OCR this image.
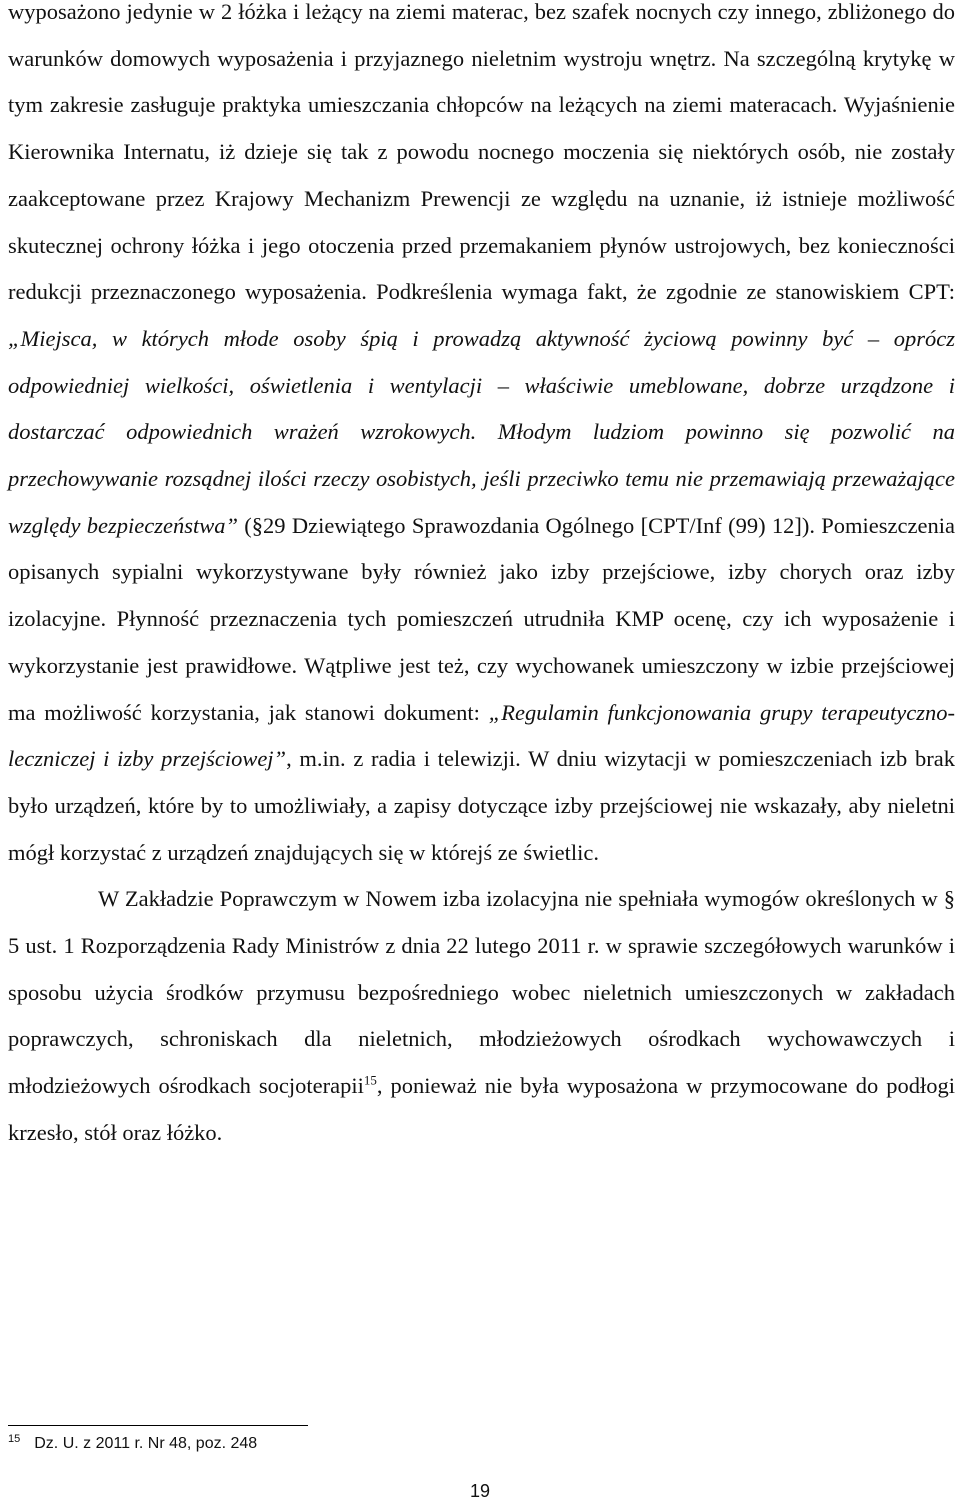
wyposażono jedynie w 2 łóżka i leżący na ziemi materac, bez szafek nocnych czy innego, zbliżonego do warunków domowych wyposażenia i przyjaznego nieletnim wystroju wnętrz. Na szczególną krytykę w tym zakresie zasługuje praktyka umieszczania chłopców na leżących na ziemi materacach. Wyjaśnienie Kierownika Internatu, iż dzieje się tak z powodu nocnego moczenia się niektórych osób, nie zostały zaakceptowane przez Krajowy Mechanizm Prewencji ze względu na uznanie, iż istnieje możliwość skutecznej ochrony łóżka i jego otoczenia przed przemakaniem płynów ustrojowych, bez konieczności redukcji przeznaczonego wyposażenia. Podkreślenia wymaga fakt, że zgodnie ze stanowiskiem CPT: „Miejsca, w których młode osoby śpią i prowadzą aktywność życiową powinny być – oprócz odpowiedniej wielkości, oświetlenia i wentylacji – właściwie umeblowane, dobrze urządzone i dostarczać odpowiednich wrażeń wzrokowych. Młodym ludziom powinno się pozwolić na przechowywanie rozsądnej ilości rzeczy osobistych, jeśli przeciwko temu nie przemawiają przeważające względy bezpieczeństwa” (§29 Dziewiątego Sprawozdania Ogólnego [CPT/Inf (99) 12]). Pomieszczenia opisanych sypialni wykorzystywane były również jako izby przejściowe, izby chorych oraz izby izolacyjne. Płynność przeznaczenia tych pomieszczeń utrudniła KMP ocenę, czy ich wyposażenie i wykorzystanie jest prawidłowe. Wątpliwe jest też, czy wychowanek umieszczony w izbie przejściowej ma możliwość korzystania, jak stanowi dokument: „Regulamin funkcjonowania grupy terapeutyczno-leczniczej i izby przejściowej”, m.in. z radia i telewizji. W dniu wizytacji w pomieszczeniach izb brak było urządzeń, które by to umożliwiały, a zapisy dotyczące izby przejściowej nie wskazały, aby nieletni mógł korzystać z urządzeń znajdujących się w którejś ze świetlic.

W Zakładzie Poprawczym w Nowem izba izolacyjna nie spełniała wymogów określonych w § 5 ust. 1 Rozporządzenia Rady Ministrów z dnia 22 lutego 2011 r. w sprawie szczegółowych warunków i sposobu użycia środków przymusu bezpośredniego wobec nieletnich umieszczonych w zakładach poprawczych, schroniskach dla nieletnich, młodzieżowych ośrodkach wychowawczych i młodzieżowych ośrodkach socjoterapii$^{15}$, ponieważ nie była wyposażona w przymocowane do podłogi krzesło, stół oraz łóżko.

$^{15}$ Dz. U. z 2011 r. Nr 48, poz. 248
19
